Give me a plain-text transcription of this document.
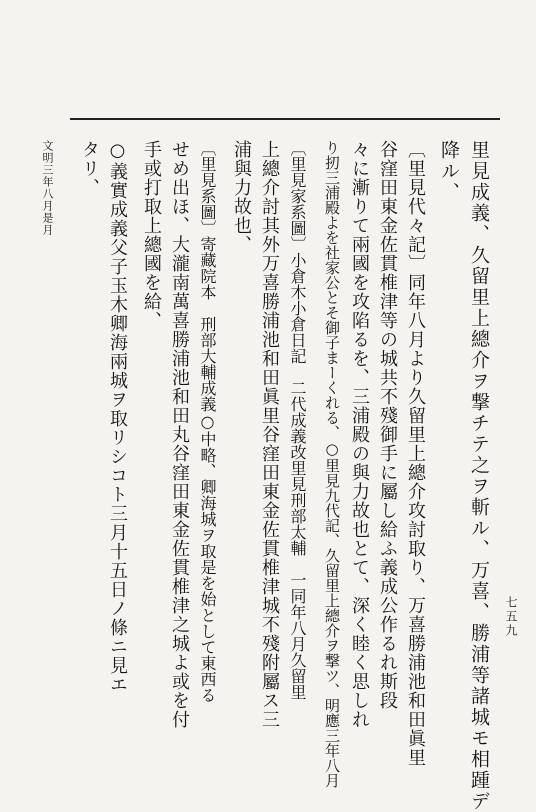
七五九
里見成義、久留里上總介ヲ撃チテ之ヲ斬ル、万喜、勝浦等諸城モ相踵デ
降ル、
〔里見代々記〕同年八月より久留里上總介攻討取り、万喜勝浦池和田眞里
谷窪田東金佐貫椎津等の城共不殘御手に屬し給ふ義成公作るれ斯段
々に漸りて兩國を攻陷るを、三浦殿の與力故也とて、深く睦く思しれ
り扨三浦殿よを社家公とそ御子まーくれる、○里見九代記、久留里上總介ヲ撃ツ、明應三年八月
〔里見家系圖〕小倉木小倉日記　二代成義改里見刑部太輔　一同年八月久留里
上總介討其外万喜勝浦池和田眞里谷窪田東金佐貫椎津城不殘附屬ス三
浦與力故也、
〔里見系圖〕寄藏院本　刑部大輔成義○中略、卿海城ヲ取是を始として東西る
せめ出ほ、大瀧南萬喜勝浦池和田丸谷窪田東金佐貫椎津之城よ或を付
手或打取上總國を給、
○義實成義父子玉木卿海兩城ヲ取リシコト三月十五日ノ條ニ見エ
タリ、
文明三年八月是月
